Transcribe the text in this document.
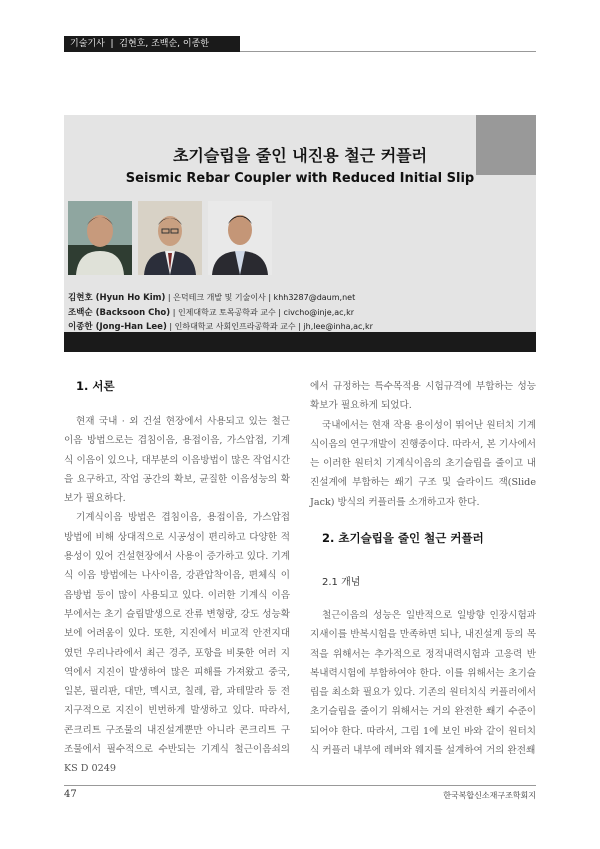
기술기사  |  김현호, 조백순, 이종한
초기슬립을 줄인 내진용 철근 커플러
Seismic Rebar Coupler with Reduced Initial Slip
김현호 (Hyun Ho Kim) | 은덕테크 개발 및 기술이사 | khh3287@daum,net
조백순 (Backsoon Cho) | 인제대학교 토목공학과 교수 | civcho@inje,ac,kr
이종한 (Jong-Han Lee) | 인하대학교 사회인프라공학과 교수 | jh,lee@inha,ac,kr
1. 서론

현재 국내 · 외 건설 현장에서 사용되고 있는 철근 이음 방법으로는 겹침이음, 용접이음, 가스압접, 기계식 이음이 있으나, 대부분의 이음방법이 많은 작업시간을 요구하고, 작업 공간의 확보, 균질한 이음성능의 확보가 필요하다.

기계식이음 방법은 겹침이음, 용접이음, 가스압접 방법에 비해 상대적으로 시공성이 편리하고 다양한 적용성이 있어 건설현장에서 사용이 증가하고 있다. 기계식 이음 방법에는 나사이음, 강관압착이음, 편체식 이음방법 등이 많이 사용되고 있다. 이러한 기계식 이음부에서는 초기 슬립발생으로 잔류 변형량, 강도 성능확보에 어려움이 있다. 또한, 지진에서 비교적 안전지대였던 우리나라에서 최근 경주, 포항을 비롯한 여러 지역에서 지진이 발생하여 많은 피해를 가져왔고 중국, 일본, 필리판, 대만, 멕시코, 칠레, 괌, 과테말라 등 전 지구적으로 지진이 빈번하게 발생하고 있다. 따라서, 콘크리트 구조물의 내진설계뿐만 아니라 콘크리트 구조물에서 필수적으로 수반되는 기계식 철근이음쇠의 KS D 0249

에서 규정하는 특수목적용 시험규격에 부합하는 성능 확보가 필요하게 되었다.

국내에서는 현재 작용 용이성이 뛰어난 원터치 기계식이음의 연구개발이 진행중이다. 따라서, 본 기사에서는 이러한 원터치 기계식이음의 초기슬립을 줄이고 내진설계에 부합하는 쐐기 구조 및 슬라이드 잭(Slide Jack) 방식의 커플러를 소개하고자 한다.

2. 초기슬립을 줄인 철근 커플러
2.1 개념

철근이음의 성능은 일반적으로 일방향 인장시험과 지새이를 반복시험을 만족하면 되나, 내진설계 등의 목적을 위해서는 추가적으로 정적내력시험과 고응력 반복내력시험에 부합하여야 한다. 이를 위해서는 초기슬립을 최소화 필요가 있다. 기존의 원터치식 커플러에서 초기슬립을 줄이기 위해서는 거의 완전한 쐐기 수준이 되어야 한다. 따라서, 그림 1에 보인 바와 같이 원터치식 커플러 내부에 레버와 웨지를 설계하여 거의 완전쐐

47	한국복합신소재구조학회지
